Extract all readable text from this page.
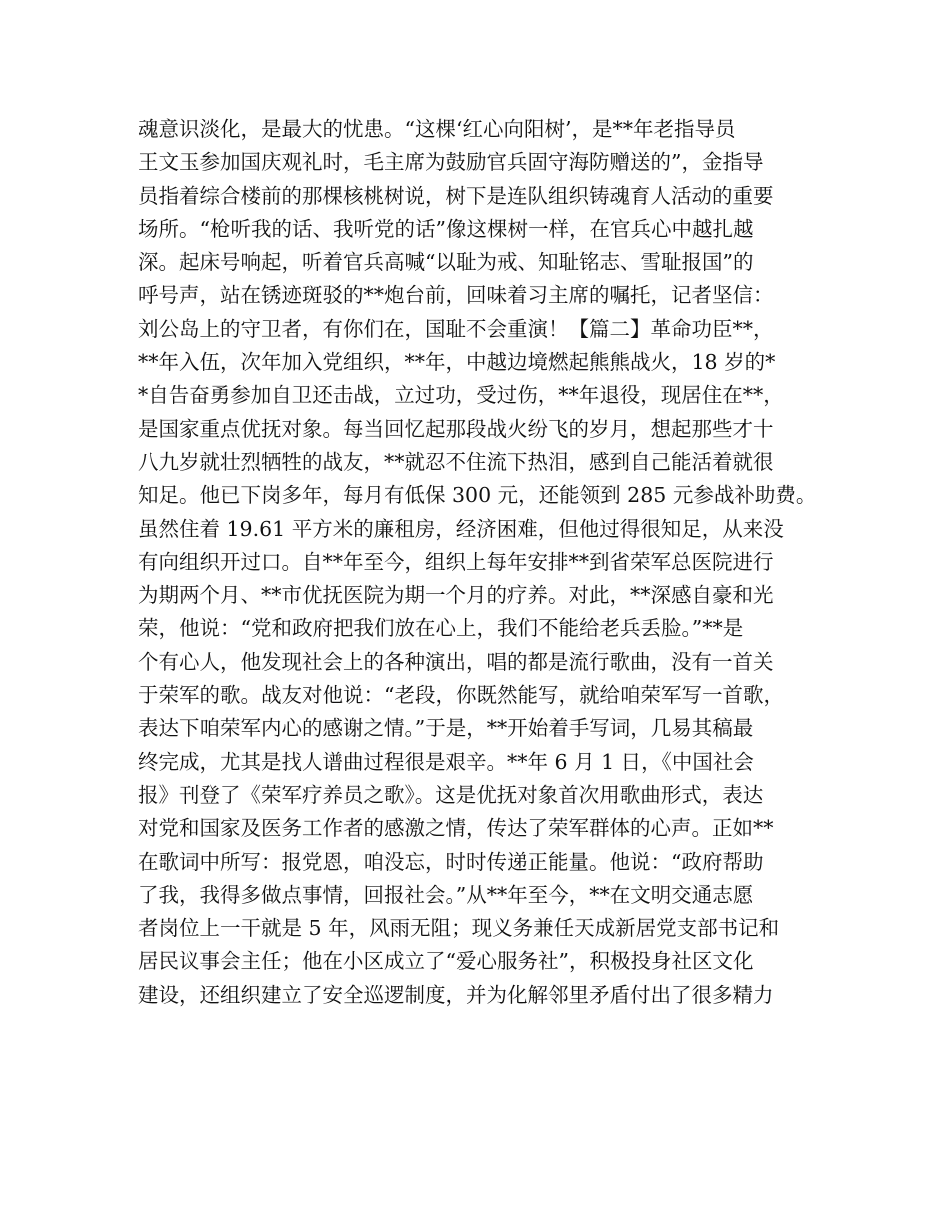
魂意识淡化，是最大的忧患。“这棵‘红心向阳树’，是**年老指导员
王文玉参加国庆观礼时，毛主席为鼓励官兵固守海防赠送的”，金指导
员指着综合楼前的那棵核桃树说，树下是连队组织铸魂育人活动的重要
场所。“枪听我的话、我听党的话”像这棵树一样，在官兵心中越扎越
深。起床号响起，听着官兵高喊“以耻为戒、知耻铭志、雪耻报国”的
呼号声，站在锈迹斑驳的**炮台前，回味着习主席的嘱托，记者坚信：
刘公岛上的守卫者，有你们在，国耻不会重演！【篇二】革命功臣**，
**年入伍，次年加入党组织，**年，中越边境燃起熊熊战火，18 岁的*
*自告奋勇参加自卫还击战，立过功，受过伤，**年退役，现居住在**，
是国家重点优抚对象。每当回忆起那段战火纷飞的岁月，想起那些才十
八九岁就壮烈牺牲的战友，**就忍不住流下热泪，感到自己能活着就很
知足。他已下岗多年，每月有低保 300 元，还能领到 285 元参战补助费。
虽然住着 19.61 平方米的廉租房，经济困难，但他过得很知足，从来没
有向组织开过口。自**年至今，组织上每年安排**到省荣军总医院进行
为期两个月、**市优抚医院为期一个月的疗养。对此，**深感自豪和光
荣，他说：“党和政府把我们放在心上，我们不能给老兵丢脸。”**是
个有心人，他发现社会上的各种演出，唱的都是流行歌曲，没有一首关
于荣军的歌。战友对他说：“老段，你既然能写，就给咱荣军写一首歌，
表达下咱荣军内心的感谢之情。”于是，**开始着手写词，几易其稿最
终完成，尤其是找人谱曲过程很是艰辛。**年 6 月 1 日，《中国社会
报》刊登了《荣军疗养员之歌》。这是优抚对象首次用歌曲形式，表达
对党和国家及医务工作者的感激之情，传达了荣军群体的心声。正如**
在歌词中所写：报党恩，咱没忘，时时传递正能量。他说：“政府帮助
了我，我得多做点事情，回报社会。”从**年至今，**在文明交通志愿
者岗位上一干就是 5 年，风雨无阻；现义务兼任天成新居党支部书记和
居民议事会主任；他在小区成立了“爱心服务社”，积极投身社区文化
建设，还组织建立了安全巡逻制度，并为化解邻里矛盾付出了很多精力
